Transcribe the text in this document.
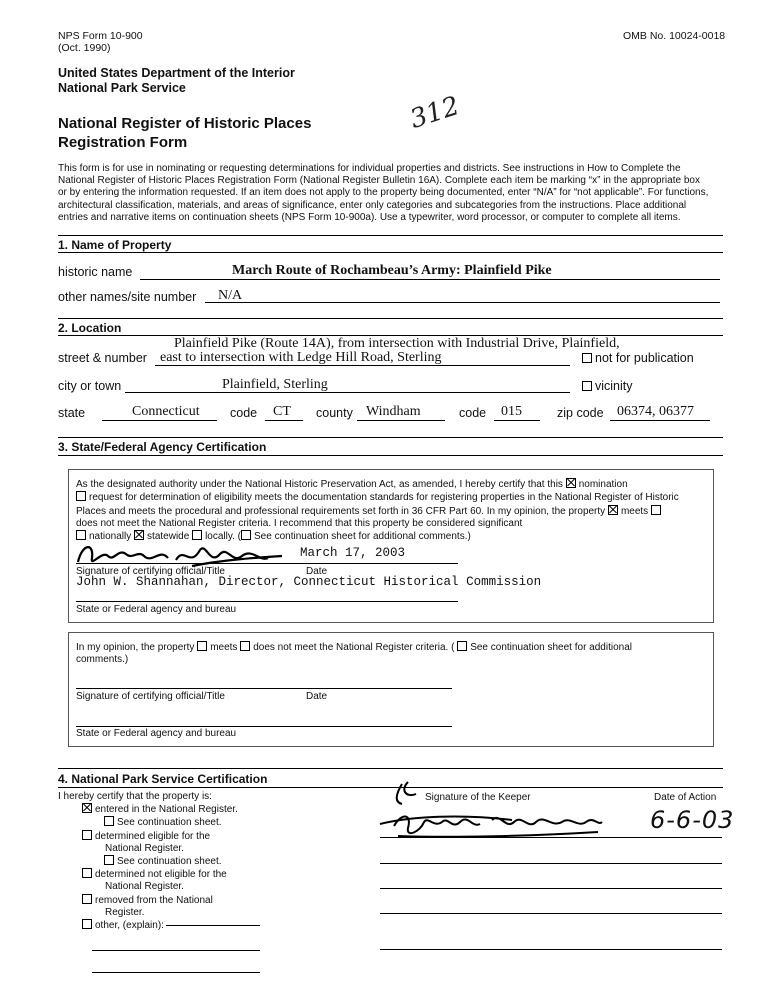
NPS Form 10-900
(Oct. 1990)
OMB No. 10024-0018
United States Department of the Interior
National Park Service
312
National Register of Historic Places
Registration Form
This form is for use in nominating or requesting determinations for individual properties and districts. See instructions in How to Complete the
National Register of Historic Places Registration Form (National Register Bulletin 16A). Complete each item be marking “x” in the appropriate box
or by entering the information requested. If an item does not apply to the property being documented, enter “N/A” for “not applicable”. For functions,
architectural classification, materials, and areas of significance, enter only categories and subcategories from the instructions. Place additional
entries and narrative items on continuation sheets (NPS Form 10-900a). Use a typewriter, word processor, or computer to complete all items.
1. Name of Property
historic name	March Route of Rochambeau’s Army: Plainfield Pike
other names/site number N/A
2. Location
Plainfield Pike (Route 14A), from intersection with Industrial Drive, Plainfield,
street & number east to intersection with Ledge Hill Road, Sterling	not for publication
city or town	Plainfield, Sterling	vicinity
state	Connecticut code CT county Windham	code 015	zip code 06374, 06377
3. State/Federal Agency Certification
As the designated authority under the National Historic Preservation Act, as amended, I hereby certify that this nomination
request for determination of eligibility meets the documentation standards for registering properties in the National Register of Historic
Places and meets the procedural and professional requirements set forth in 36 CFR Part 60. In my opinion, the property meets
does not meet the National Register criteria. I recommend that this property be considered significant
nationally statewide locally. ( See continuation sheet for additional comments.)
March 17, 2003
Signature of certifying official/Title	Date
John W. Shannahan, Director, Connecticut Historical Commission
State or Federal agency and bureau
In my opinion, the property meets does not meet the National Register criteria. ( See continuation sheet for additional
comments.)
Signature of certifying official/Title	Date
State or Federal agency and bureau
4. National Park Service Certification
I hereby certify that the property is:
entered in the National Register.
See continuation sheet.
determined eligible for the
National Register.
See continuation sheet.
determined not eligible for the
National Register.
removed from the National
Register.
other, (explain):
Signature of the Keeper	Date of Action
6-6-03
